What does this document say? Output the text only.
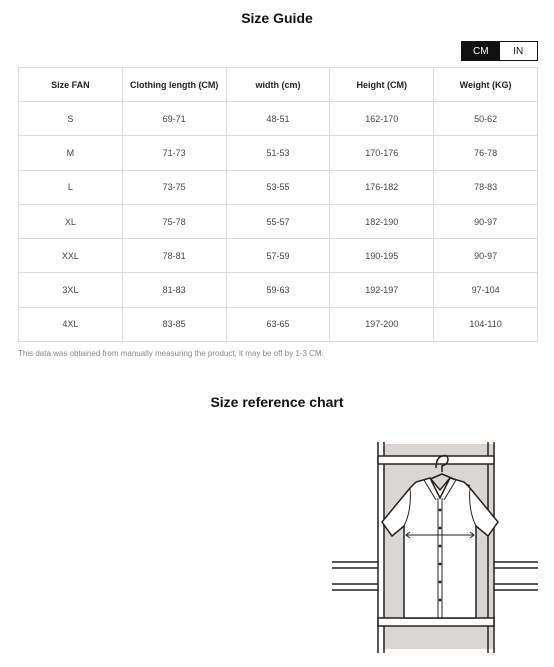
Size Guide
CM	IN
Size FAN	Clothing length (CM)	width (cm)	Height (CM)	Weight (KG)
S	69-71	48-51	162-170	50-62
M	71-73	51-53	170-176	76-78
L	73-75	53-55	176-182	78-83
XL	75-78	55-57	182-190	90-97
XXL	78-81	57-59	190-195	90-97
3XL	81-83	59-63	192-197	97-104
4XL	83-85	63-65	197-200	104-110
This data was obtained from manually measuring the product, it may be off by 1-3 CM.
Size reference chart
